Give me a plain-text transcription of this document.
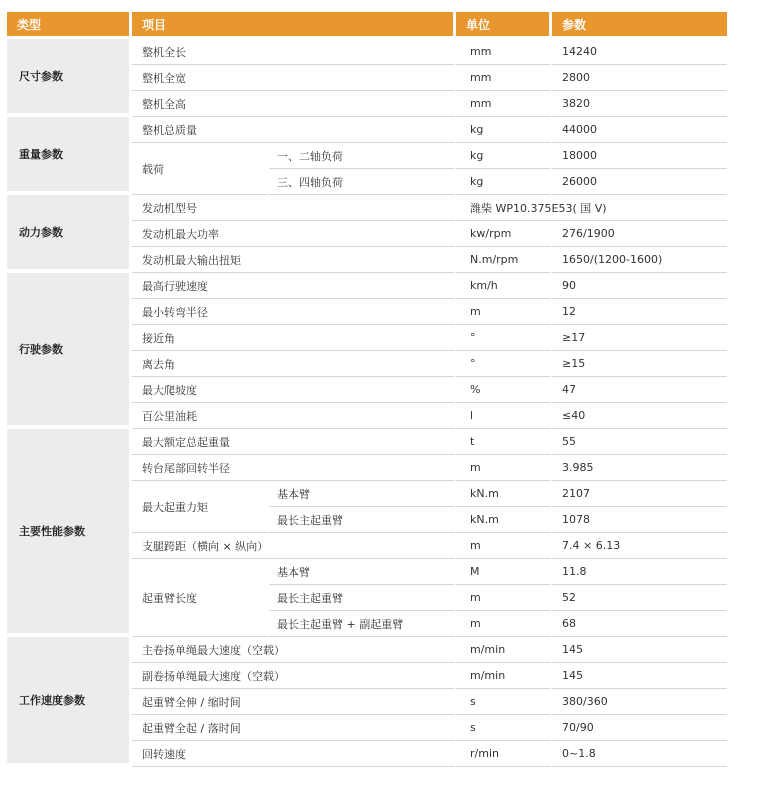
类型	项目		单位	参数

尺寸参数	整机全长		mm	14240
	整机全宽		mm	2800
	整机全高		mm	3820
重量参数	整机总质量		kg	44000
	载荷	一、二轴负荷	kg	18000
		三、四轴负荷	kg	26000
动力参数	发动机型号		潍柴 WP10.375E53( 国 V)	
	发动机最大功率		kw/rpm	276/1900
	发动机最大输出扭矩		N.m/rpm	1650/(1200-1600)
行驶参数	最高行驶速度		km/h	90
	最小转弯半径		m	12
	接近角		°	≥17
	离去角		°	≥15
	最大爬坡度		%	47
	百公里油耗		l	≤40
主要性能参数	最大额定总起重量		t	55
	转台尾部回转半径		m	3.985
	最大起重力矩	基本臂	kN.m	2107
		最长主起重臂	kN.m	1078
	支腿跨距（横向 × 纵向）		m	7.4 × 6.13
	起重臂长度	基本臂	M	11.8
		最长主起重臂	m	52
		最长主起重臂 + 副起重臂	m	68
工作速度参数	主卷扬单绳最大速度（空载）		m/min	145
	副卷扬单绳最大速度（空载）		m/min	145
	起重臂全伸 / 缩时间		s	380/360
	起重臂全起 / 落时间		s	70/90
	回转速度		r/min	0~1.8
